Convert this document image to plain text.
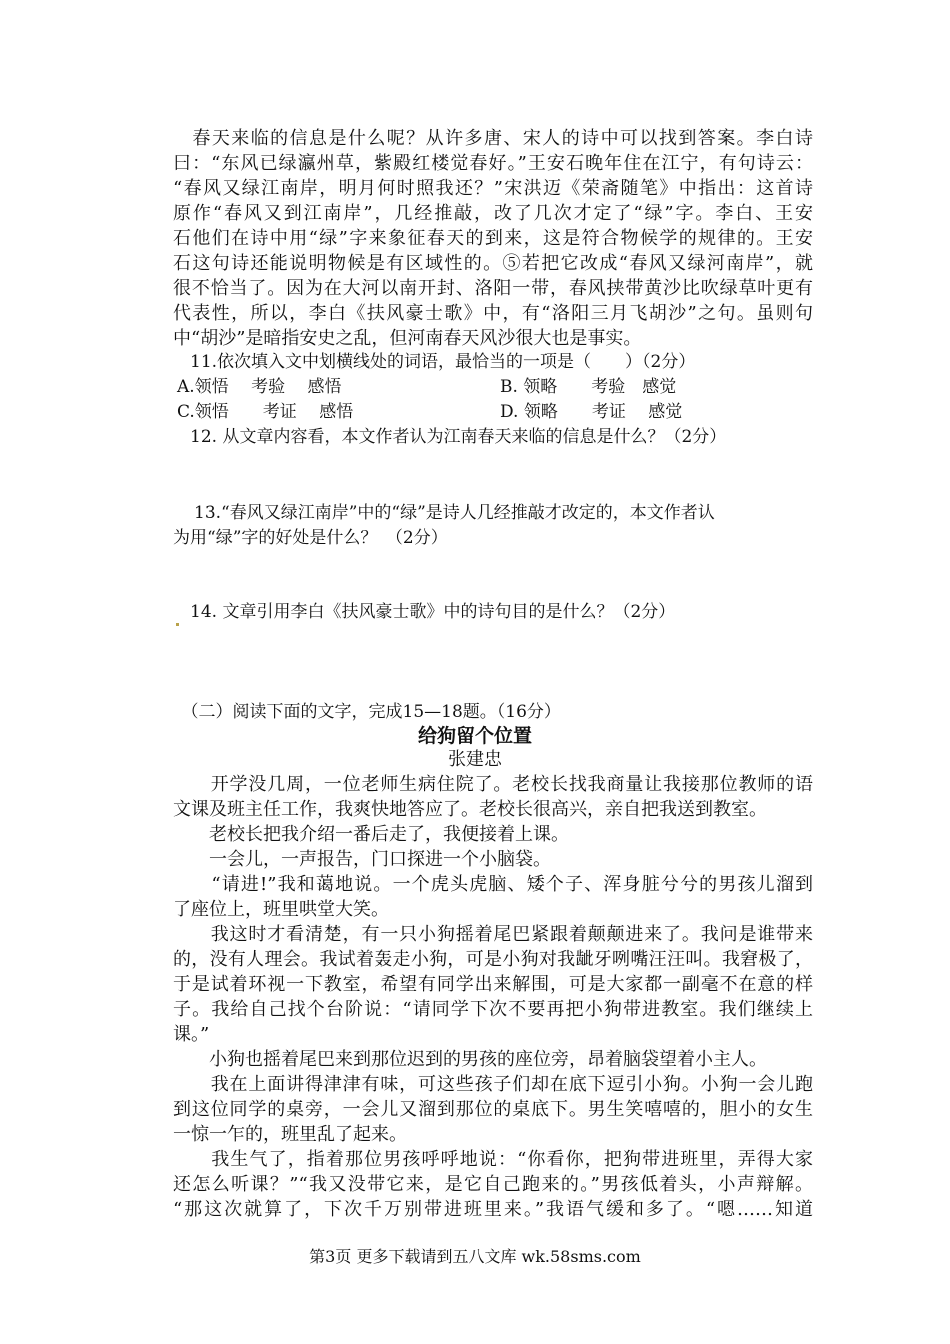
　春天来临的信息是什么呢？从许多唐、宋人的诗中可以找到答案。李白诗
曰：“东风已绿瀛州草，紫殿红楼觉春好。”王安石晚年住在江宁，有句诗云：
“春风又绿江南岸，明月何时照我还？”宋洪迈《荣斋随笔》中指出：这首诗
原作“春风又到江南岸”，几经推敲，改了几次才定了“绿”字。李白、王安
石他们在诗中用“绿”字来象征春天的到来，这是符合物候学的规律的。王安
石这句诗还能说明物候是有区域性的。⑤若把它改成“春风又绿河南岸”，就
很不恰当了。因为在大河以南开封、洛阳一带，春风挟带黄沙比吹绿草叶更有
代表性，所以，李白《扶风豪士歌》中，有“洛阳三月飞胡沙”之句。虽则句
中“胡沙”是暗指安史之乱，但河南春天风沙很大也是事实。
　11.依次填入文中划横线处的词语，最恰当的一项是（　　）（2分）
A.领悟　 考验　 感悟	B. 领略　　考验　感觉
C.领悟　　考证　 感悟	D. 领略　　考证　 感觉
　12. 从文章内容看，本文作者认为江南春天来临的信息是什么？（2分）
　　13.“春风又绿江南岸”中的“绿”是诗人几经推敲才改定的，本文作者认
为用“绿”字的好处是什么？　（2分）
　14. 文章引用李白《扶风豪士歌》中的诗句目的是什么？（2分）
　（二）阅读下面的文字，完成15—18题。（16分）
给狗留个位置
张建忠
　　开学没几周，一位老师生病住院了。老校长找我商量让我接那位教师的语
文课及班主任工作，我爽快地答应了。老校长很高兴，亲自把我送到教室。
　　老校长把我介绍一番后走了，我便接着上课。
　　一会儿，一声报告，门口探进一个小脑袋。
　　“请进!”我和蔼地说。一个虎头虎脑、矮个子、浑身脏兮兮的男孩儿溜到
了座位上，班里哄堂大笑。
　　我这时才看清楚，有一只小狗摇着尾巴紧跟着颠颠进来了。我问是谁带来
的，没有人理会。我试着轰走小狗，可是小狗对我龇牙咧嘴汪汪叫。我窘极了，
于是试着环视一下教室，希望有同学出来解围，可是大家都一副毫不在意的样
子。我给自己找个台阶说：“请同学下次不要再把小狗带进教室。我们继续上
课。”
　　小狗也摇着尾巴来到那位迟到的男孩的座位旁，昂着脑袋望着小主人。
　　我在上面讲得津津有味，可这些孩子们却在底下逗引小狗。小狗一会儿跑
到这位同学的桌旁，一会儿又溜到那位的桌底下。男生笑嘻嘻的，胆小的女生
一惊一乍的，班里乱了起来。
　　我生气了，指着那位男孩呼呼地说：“你看你，把狗带进班里，弄得大家
还怎么听课？”“我又没带它来，是它自己跑来的。”男孩低着头，小声辩解。
“那这次就算了，下次千万别带进班里来。”我语气缓和多了。“嗯……知道
第3页 更多下载请到五八文库 wk.58sms.com
